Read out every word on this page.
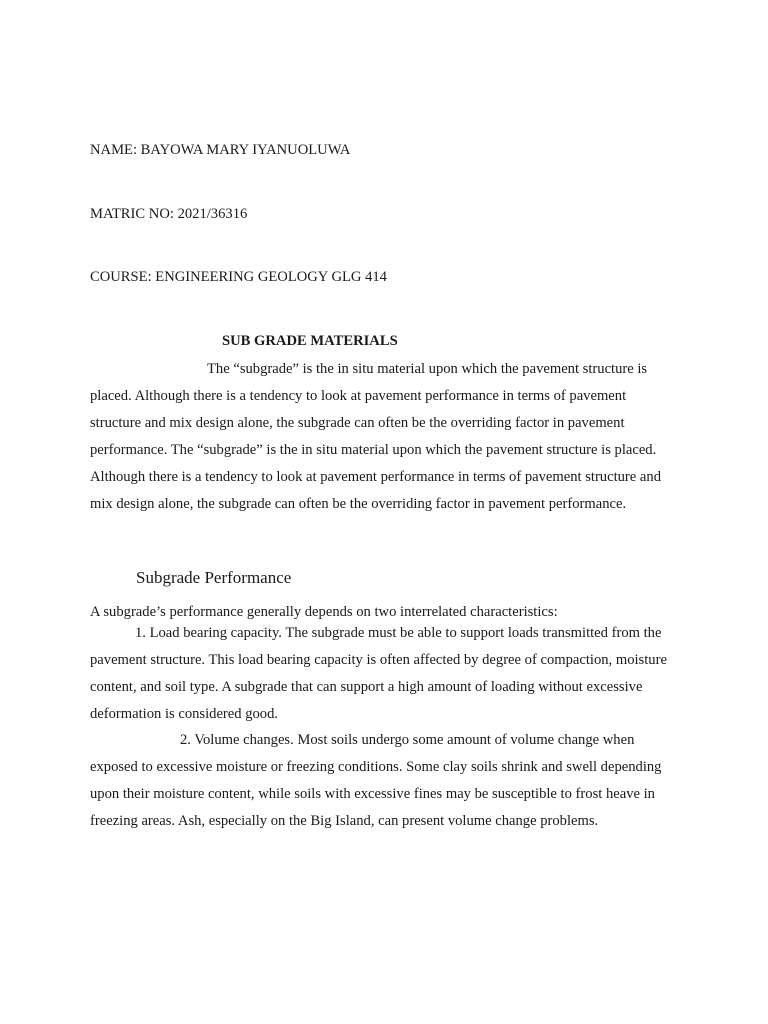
NAME: BAYOWA MARY IYANUOLUWA
MATRIC NO: 2021/36316
COURSE: ENGINEERING GEOLOGY GLG 414
SUB GRADE MATERIALS

The “subgrade” is the in situ material upon which the pavement structure is placed. Although there is a tendency to look at pavement performance in terms of pavement structure and mix design alone, the subgrade can often be the overriding factor in pavement performance. The “subgrade” is the in situ material upon which the pavement structure is placed. Although there is a tendency to look at pavement performance in terms of pavement structure and mix design alone, the subgrade can often be the overriding factor in pavement performance.

Subgrade Performance

A subgrade’s performance generally depends on two interrelated characteristics:

1. Load bearing capacity. The subgrade must be able to support loads transmitted from the pavement structure. This load bearing capacity is often affected by degree of compaction, moisture content, and soil type. A subgrade that can support a high amount of loading without excessive deformation is considered good.

2. Volume changes. Most soils undergo some amount of volume change when exposed to excessive moisture or freezing conditions. Some clay soils shrink and swell depending upon their moisture content, while soils with excessive fines may be susceptible to frost heave in freezing areas. Ash, especially on the Big Island, can present volume change problems.
